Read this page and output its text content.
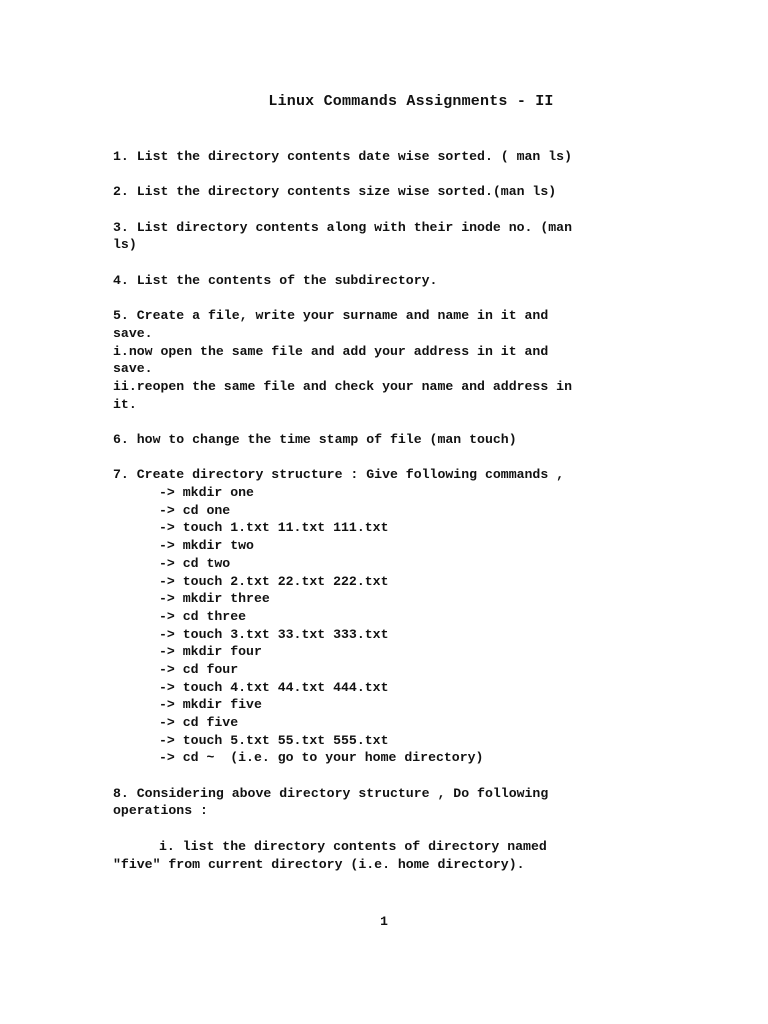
Linux Commands Assignments - II
1. List the directory contents date wise sorted. ( man ls)
2. List the directory contents size wise sorted.(man ls)
3. List directory contents along with their inode no. (man
ls)
4. List the contents of the subdirectory.
5. Create a file, write your surname and name in it and
save.
i.now open the same file and add your address in it and
save.
ii.reopen the same file and check your name and address in
it.
6. how to change the time stamp of file (man touch)
7. Create directory structure : Give following commands ,
-> mkdir one
-> cd one
-> touch 1.txt 11.txt 111.txt
-> mkdir two
-> cd two
-> touch 2.txt 22.txt 222.txt
-> mkdir three
-> cd three
-> touch 3.txt 33.txt 333.txt
-> mkdir four
-> cd four
-> touch 4.txt 44.txt 444.txt
-> mkdir five
-> cd five
-> touch 5.txt 55.txt 555.txt
-> cd ~  (i.e. go to your home directory)
8. Considering above directory structure , Do following
operations :
i. list the directory contents of directory named
"five" from current directory (i.e. home directory).
1
